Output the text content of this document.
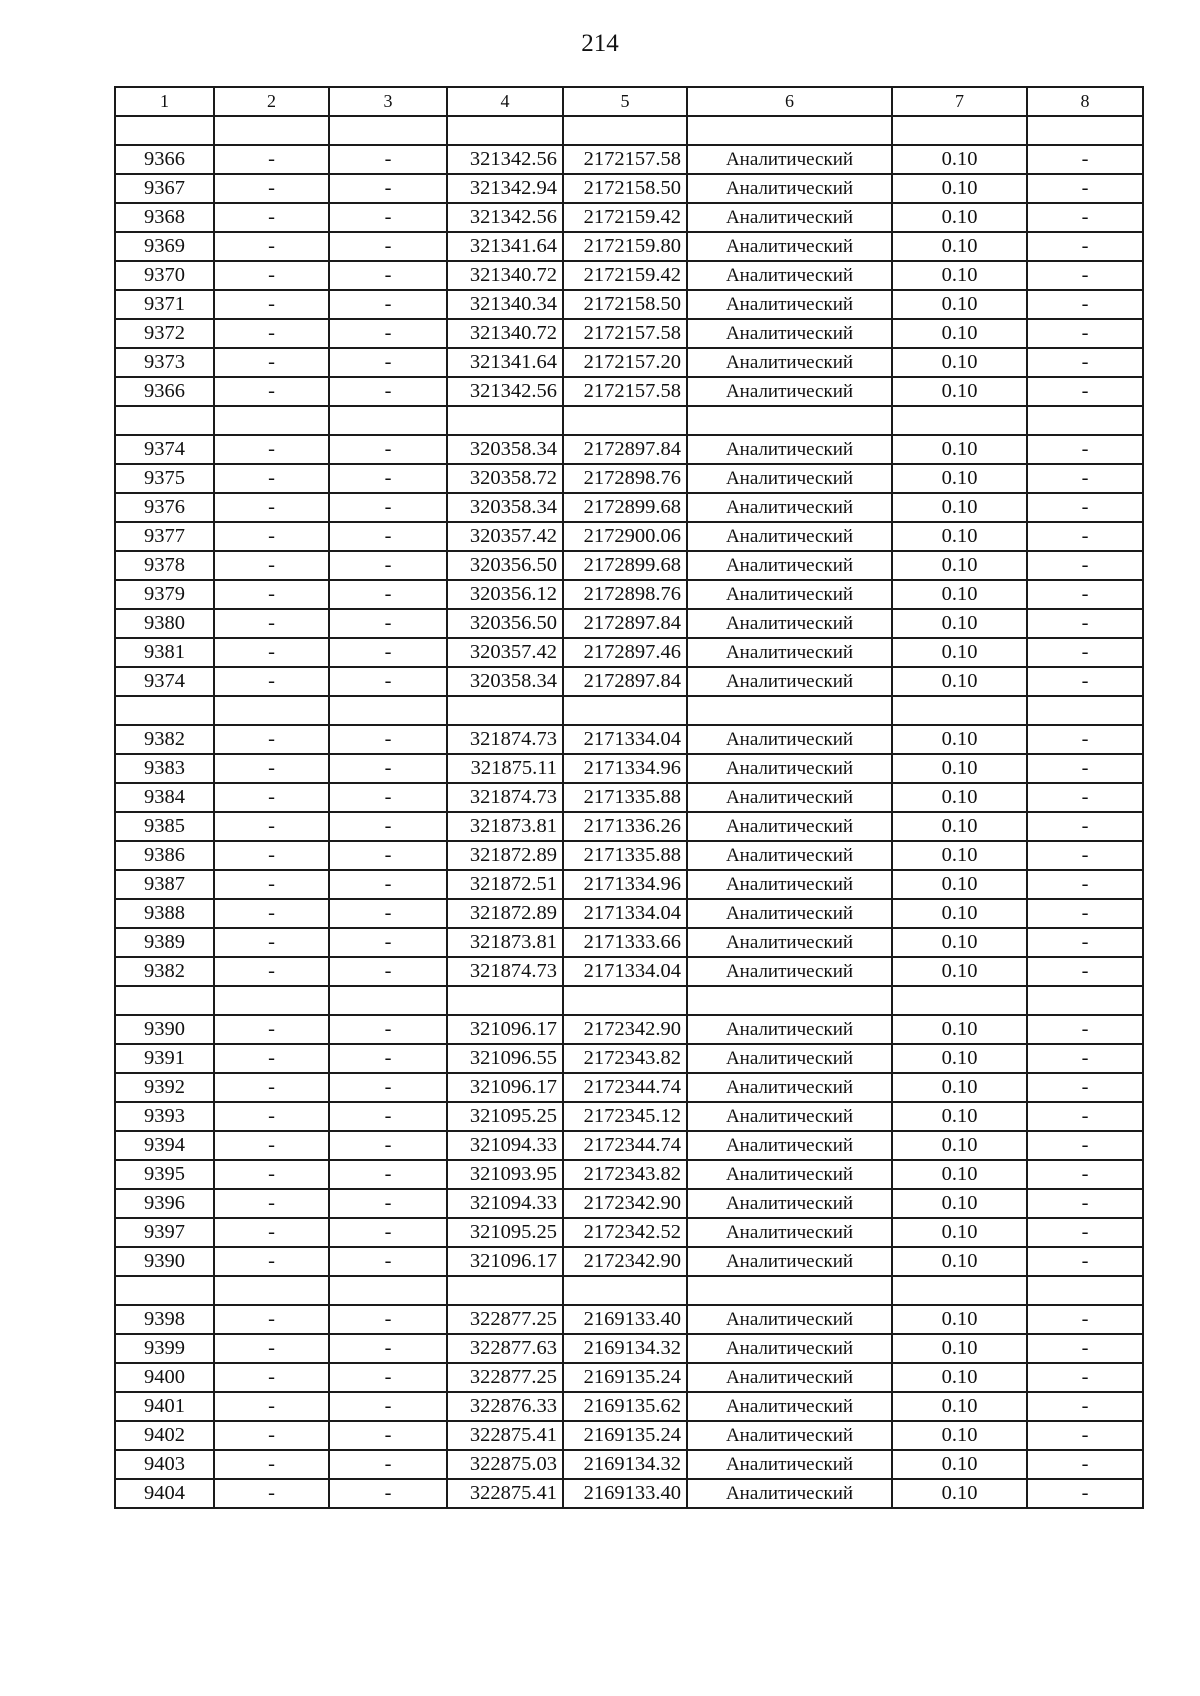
214
1	2	3	4	5	6	7	8

9366	-	-	321342.56	2172157.58	Аналитический	0.10	-
9367	-	-	321342.94	2172158.50	Аналитический	0.10	-
9368	-	-	321342.56	2172159.42	Аналитический	0.10	-
9369	-	-	321341.64	2172159.80	Аналитический	0.10	-
9370	-	-	321340.72	2172159.42	Аналитический	0.10	-
9371	-	-	321340.34	2172158.50	Аналитический	0.10	-
9372	-	-	321340.72	2172157.58	Аналитический	0.10	-
9373	-	-	321341.64	2172157.20	Аналитический	0.10	-
9366	-	-	321342.56	2172157.58	Аналитический	0.10	-

9374	-	-	320358.34	2172897.84	Аналитический	0.10	-
9375	-	-	320358.72	2172898.76	Аналитический	0.10	-
9376	-	-	320358.34	2172899.68	Аналитический	0.10	-
9377	-	-	320357.42	2172900.06	Аналитический	0.10	-
9378	-	-	320356.50	2172899.68	Аналитический	0.10	-
9379	-	-	320356.12	2172898.76	Аналитический	0.10	-
9380	-	-	320356.50	2172897.84	Аналитический	0.10	-
9381	-	-	320357.42	2172897.46	Аналитический	0.10	-
9374	-	-	320358.34	2172897.84	Аналитический	0.10	-

9382	-	-	321874.73	2171334.04	Аналитический	0.10	-
9383	-	-	321875.11	2171334.96	Аналитический	0.10	-
9384	-	-	321874.73	2171335.88	Аналитический	0.10	-
9385	-	-	321873.81	2171336.26	Аналитический	0.10	-
9386	-	-	321872.89	2171335.88	Аналитический	0.10	-
9387	-	-	321872.51	2171334.96	Аналитический	0.10	-
9388	-	-	321872.89	2171334.04	Аналитический	0.10	-
9389	-	-	321873.81	2171333.66	Аналитический	0.10	-
9382	-	-	321874.73	2171334.04	Аналитический	0.10	-

9390	-	-	321096.17	2172342.90	Аналитический	0.10	-
9391	-	-	321096.55	2172343.82	Аналитический	0.10	-
9392	-	-	321096.17	2172344.74	Аналитический	0.10	-
9393	-	-	321095.25	2172345.12	Аналитический	0.10	-
9394	-	-	321094.33	2172344.74	Аналитический	0.10	-
9395	-	-	321093.95	2172343.82	Аналитический	0.10	-
9396	-	-	321094.33	2172342.90	Аналитический	0.10	-
9397	-	-	321095.25	2172342.52	Аналитический	0.10	-
9390	-	-	321096.17	2172342.90	Аналитический	0.10	-

9398	-	-	322877.25	2169133.40	Аналитический	0.10	-
9399	-	-	322877.63	2169134.32	Аналитический	0.10	-
9400	-	-	322877.25	2169135.24	Аналитический	0.10	-
9401	-	-	322876.33	2169135.62	Аналитический	0.10	-
9402	-	-	322875.41	2169135.24	Аналитический	0.10	-
9403	-	-	322875.03	2169134.32	Аналитический	0.10	-
9404	-	-	322875.41	2169133.40	Аналитический	0.10	-
